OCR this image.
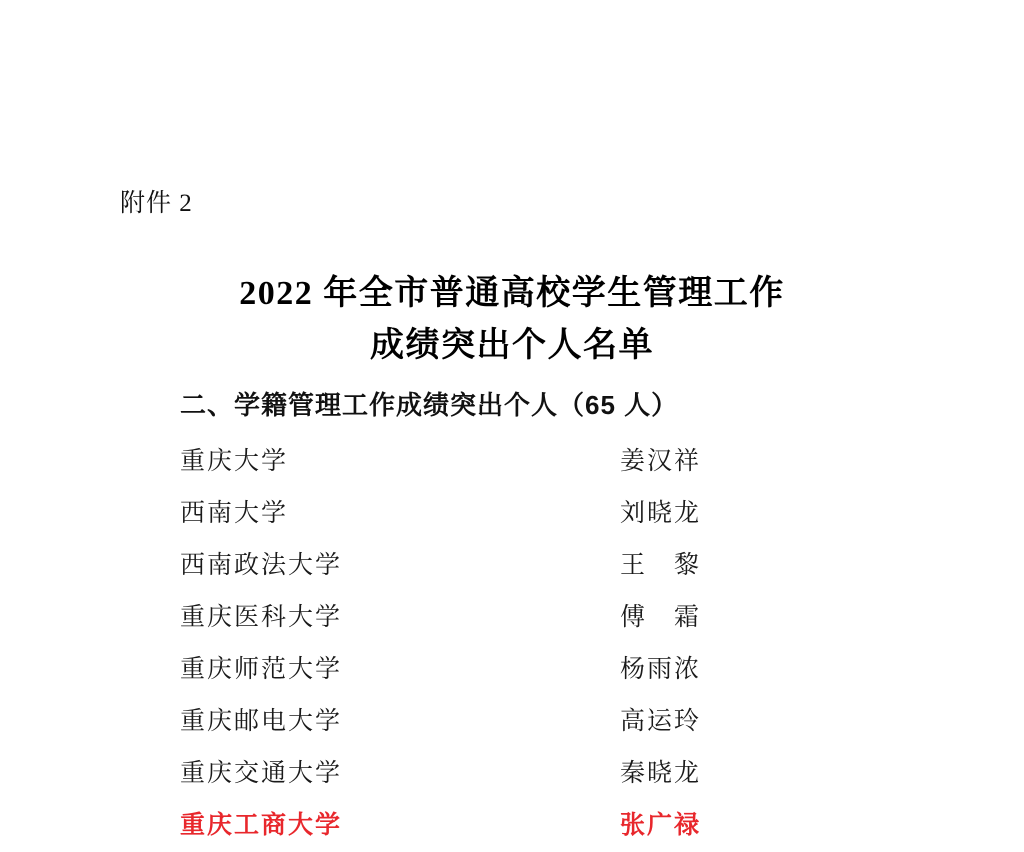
附件 2
2022 年全市普通高校学生管理工作
成绩突出个人名单
二、学籍管理工作成绩突出个人（65 人）
重庆大学	姜汉祥
西南大学	刘晓龙
西南政法大学	王　黎
重庆医科大学	傅　霜
重庆师范大学	杨雨浓
重庆邮电大学	高运玲
重庆交通大学	秦晓龙
重庆工商大学	张广禄
